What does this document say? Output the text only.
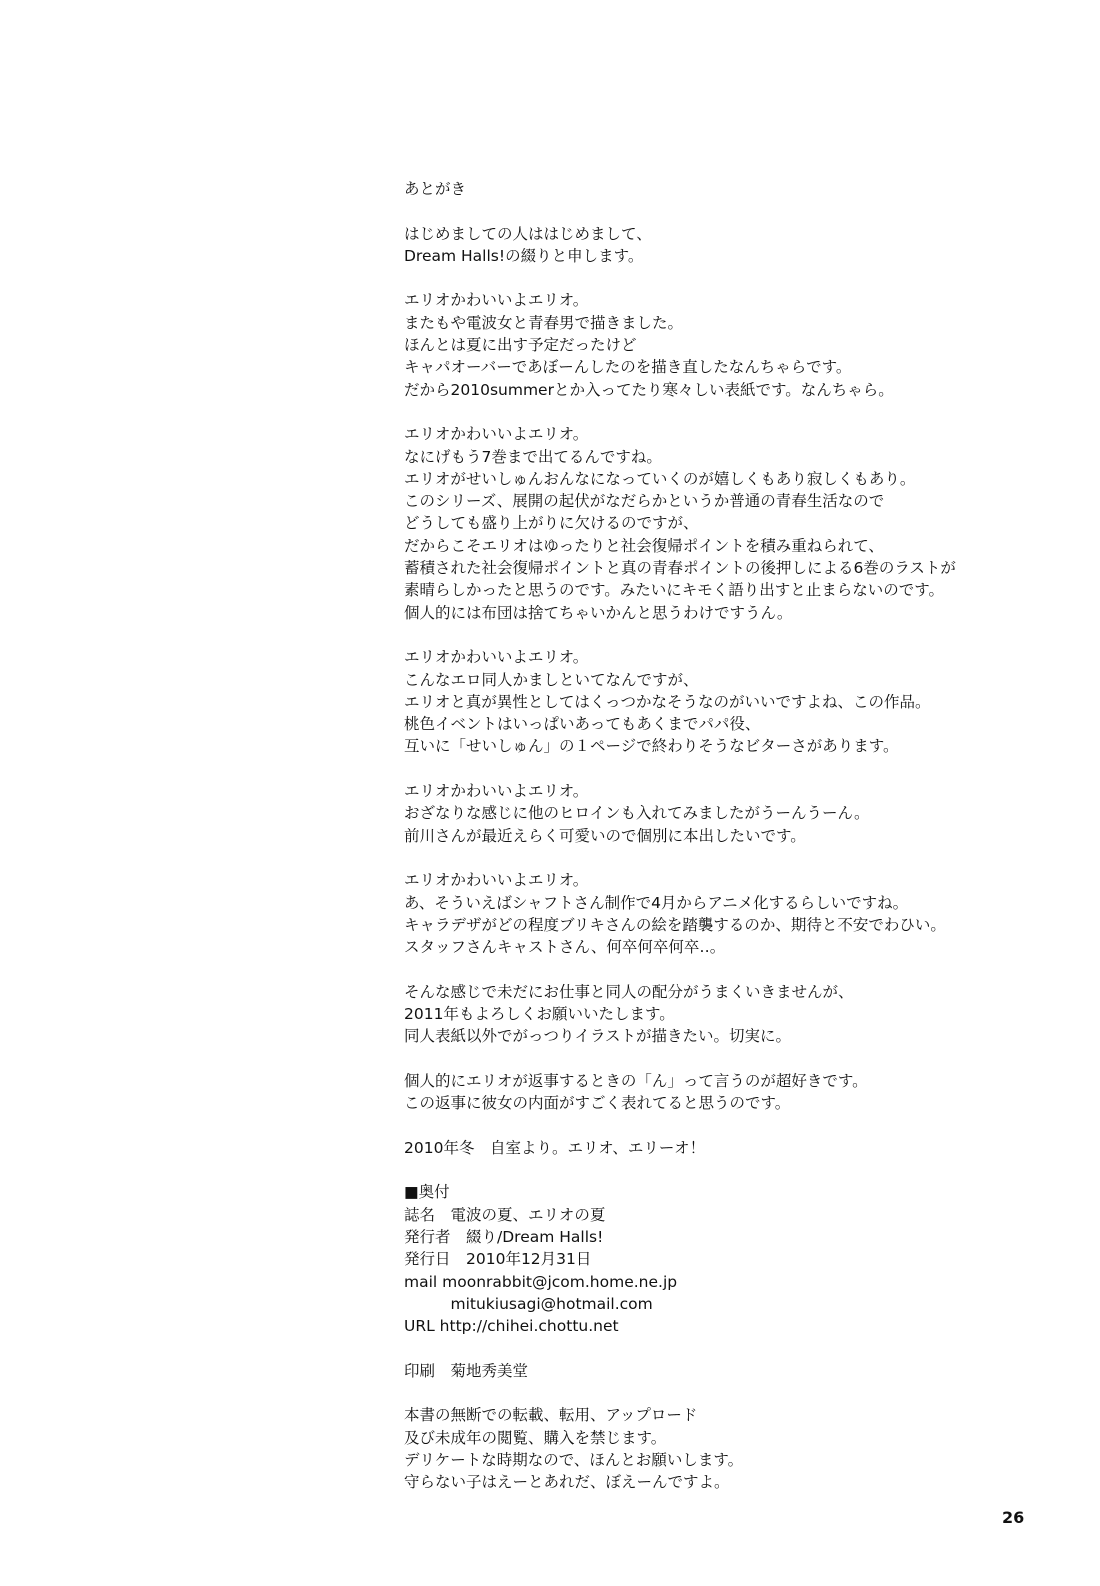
あとがき
はじめましての人ははじめまして、
Dream Halls!の綴りと申します。
エリオかわいいよエリオ。
またもや電波女と青春男で描きました。
ほんとは夏に出す予定だったけど
キャパオーバーであぼーんしたのを描き直したなんちゃらです。
だから2010summerとか入ってたり寒々しい表紙です。なんちゃら。
エリオかわいいよエリオ。
なにげもう7巻まで出てるんですね。
エリオがせいしゅんおんなになっていくのが嬉しくもあり寂しくもあり。
このシリーズ、展開の起伏がなだらかというか普通の青春生活なので
どうしても盛り上がりに欠けるのですが、
だからこそエリオはゆったりと社会復帰ポイントを積み重ねられて、
蓄積された社会復帰ポイントと真の青春ポイントの後押しによる6巻のラストが
素晴らしかったと思うのです。みたいにキモく語り出すと止まらないのです。
個人的には布団は捨てちゃいかんと思うわけですうん。
エリオかわいいよエリオ。
こんなエロ同人かましといてなんですが、
エリオと真が異性としてはくっつかなそうなのがいいですよね、この作品。
桃色イベントはいっぱいあってもあくまでパパ役、
互いに「せいしゅん」の１ページで終わりそうなビターさがあります。
エリオかわいいよエリオ。
おざなりな感じに他のヒロインも入れてみましたがうーんうーん。
前川さんが最近えらく可愛いので個別に本出したいです。
エリオかわいいよエリオ。
あ、そういえばシャフトさん制作で4月からアニメ化するらしいですね。
キャラデザがどの程度ブリキさんの絵を踏襲するのか、期待と不安でわひい。
スタッフさんキャストさん、何卒何卒何卒‥。
そんな感じで未だにお仕事と同人の配分がうまくいきませんが、
2011年もよろしくお願いいたします。
同人表紙以外でがっつりイラストが描きたい。切実に。
個人的にエリオが返事するときの「ん」って言うのが超好きです。
この返事に彼女の内面がすごく表れてると思うのです。
2010年冬　自室より。エリオ、エリーオ！
■奥付
誌名　電波の夏、エリオの夏
発行者　綴り/Dream Halls!
発行日　2010年12月31日
mail moonrabbit@jcom.home.ne.jp
　　　mitukiusagi@hotmail.com
URL http://chihei.chottu.net
印刷　菊地秀美堂
本書の無断での転載、転用、アップロード
及び未成年の閲覧、購入を禁じます。
デリケートな時期なので、ほんとお願いします。
守らない子はえーとあれだ、ぼえーんですよ。
26
